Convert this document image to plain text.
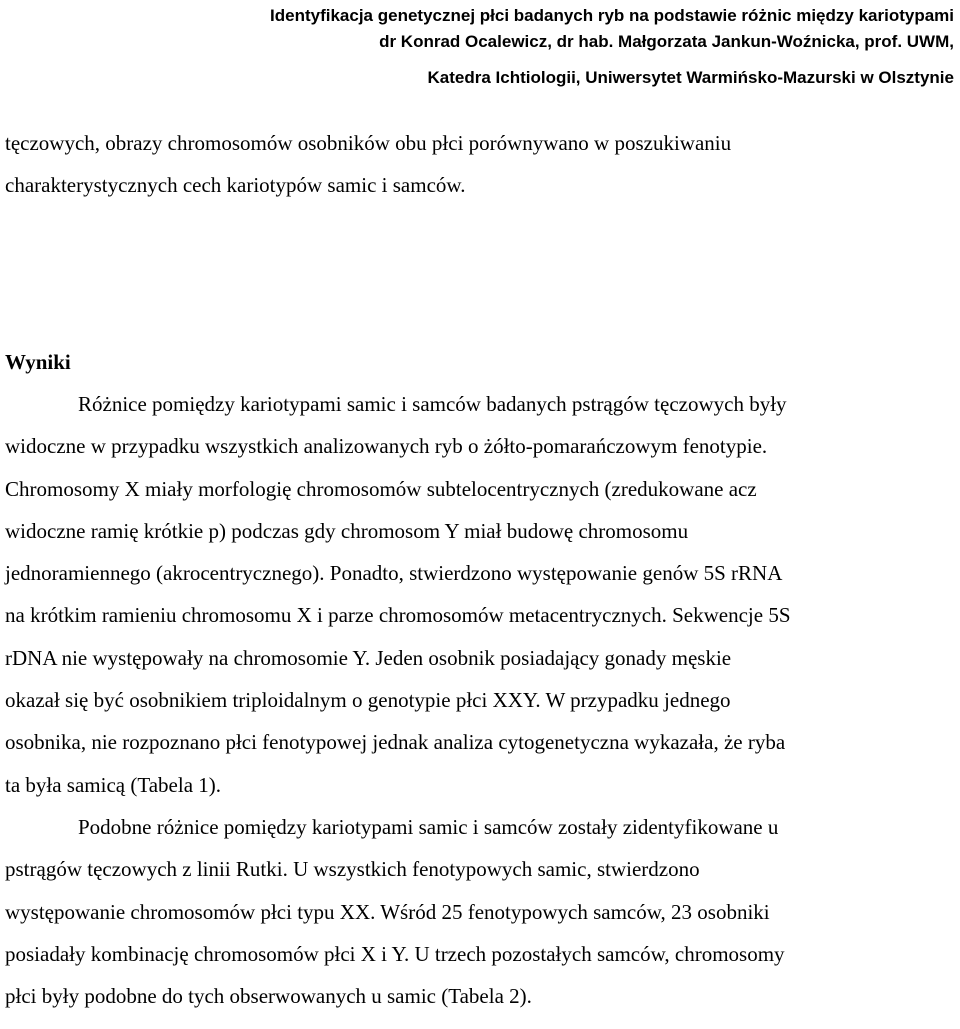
Identyfikacja genetycznej płci badanych ryb na podstawie różnic między kariotypami
dr Konrad Ocalewicz, dr hab. Małgorzata Jankun-Woźnicka, prof. UWM,
Katedra Ichtiologii, Uniwersytet Warmińsko-Mazurski w Olsztynie
tęczowych, obrazy chromosomów osobników obu płci porównywano w poszukiwaniu
charakterystycznych cech kariotypów samic i samców.
Wyniki
Różnice pomiędzy kariotypami samic i samców badanych pstrągów tęczowych były
widoczne w przypadku wszystkich analizowanych ryb o żółto-pomarańczowym fenotypie.
Chromosomy X miały morfologię chromosomów subtelocentrycznych (zredukowane acz
widoczne ramię krótkie p) podczas gdy chromosom Y miał budowę chromosomu
jednoramiennego (akrocentrycznego). Ponadto, stwierdzono występowanie genów 5S rRNA
na krótkim ramieniu chromosomu X i parze chromosomów metacentrycznych. Sekwencje 5S
rDNA nie występowały na chromosomie Y. Jeden osobnik posiadający gonady męskie
okazał się być osobnikiem triploidalnym o genotypie płci XXY. W przypadku jednego
osobnika, nie rozpoznano płci fenotypowej jednak analiza cytogenetyczna wykazała, że ryba
ta była samicą (Tabela 1).
Podobne różnice pomiędzy kariotypami samic i samców zostały zidentyfikowane u
pstrągów tęczowych z linii Rutki. U wszystkich fenotypowych samic, stwierdzono
występowanie chromosomów płci typu XX. Wśród 25 fenotypowych samców, 23 osobniki
posiadały kombinację chromosomów płci X i Y. U trzech pozostałych samców, chromosomy
płci były podobne do tych obserwowanych u samic (Tabela 2).
